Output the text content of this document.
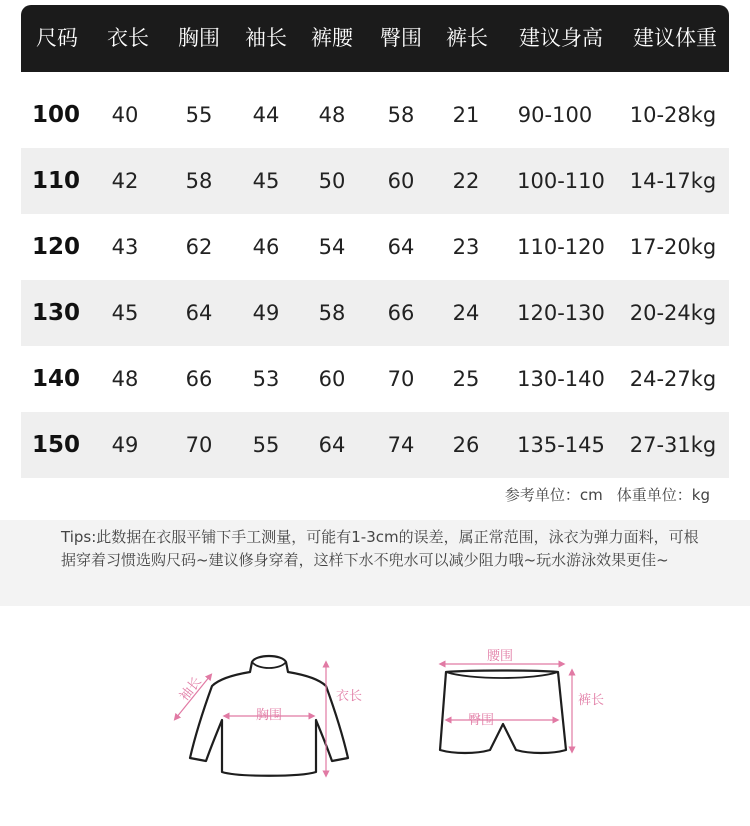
尺码 衣长 胸围 袖长 裤腰 臀围 裤长 建议身高 建议体重
100 40 55 44 48 58 21 90-100 10-28kg
110 42 58 45 50 60 22 100-110 14-17kg
120 43 62 46 54 64 23 110-120 17-20kg
130 45 64 49 58 66 24 120-130 20-24kg
140 48 66 53 60 70 25 130-140 24-27kg
150 49 70 55 64 74 26 135-145 27-31kg
参考单位：cm 体重单位：kg

Tips:此数据在衣服平铺下手工测量，可能有1-3cm的误差，属正常范围，泳衣为弹力面料，可根据穿着习惯选购尺码~建议修身穿着，这样下水不兜水可以减少阻力哦~玩水游泳效果更佳~

胸围
袖长	衣长
腰围
臀围
裤长
